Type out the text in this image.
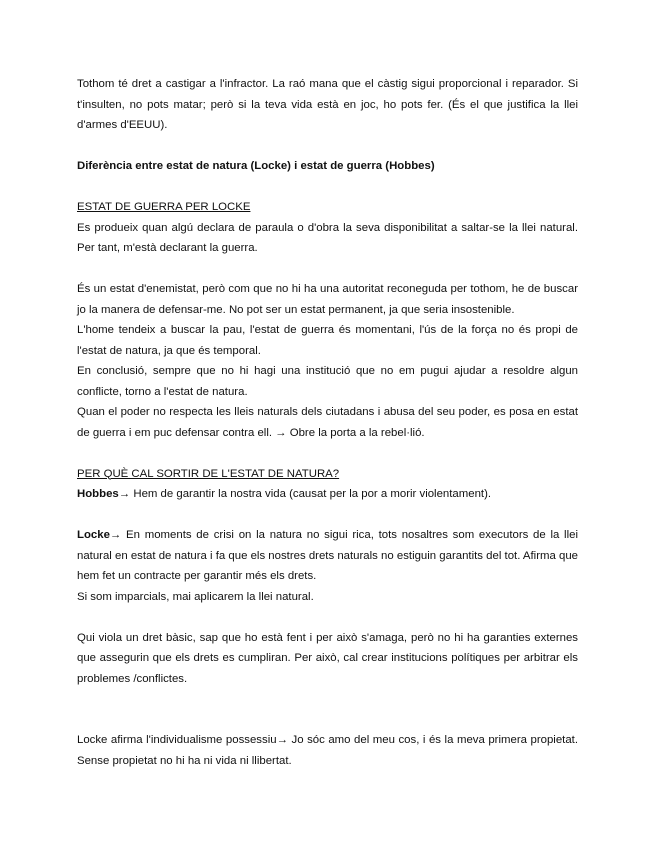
Tothom té dret a castigar a l'infractor. La raó mana que el càstig sigui proporcional i reparador. Si t'insulten, no pots matar; però si la teva vida està en joc, ho pots fer. (És el que justifica la llei d'armes d'EEUU).

Diferència entre estat de natura (Locke) i estat de guerra (Hobbes)

ESTAT DE GUERRA PER LOCKE

Es produeix quan algú declara de paraula o d'obra la seva disponibilitat a saltar-se la llei natural. Per tant, m'està declarant la guerra.

És un estat d'enemistat, però com que no hi ha una autoritat reconeguda per tothom, he de buscar jo la manera de defensar-me. No pot ser un estat permanent, ja que seria insostenible.

L'home tendeix a buscar la pau, l'estat de guerra és momentani, l'ús de la força no és propi de l'estat de natura, ja que és temporal.

En conclusió, sempre que no hi hagi una institució que no em pugui ajudar a resoldre algun conflicte, torno a l'estat de natura.

Quan el poder no respecta les lleis naturals dels ciutadans i abusa del seu poder, es posa en estat de guerra i em puc defensar contra ell. → Obre la porta a la rebel·lió.

PER QUÈ CAL SORTIR DE L'ESTAT DE NATURA?

Hobbes→ Hem de garantir la nostra vida (causat per la por a morir violentament).

Locke→ En moments de crisi on la natura no sigui rica, tots nosaltres som executors de la llei natural en estat de natura i fa que els nostres drets naturals no estiguin garantits del tot. Afirma que hem fet un contracte per garantir més els drets.

Si som imparcials, mai aplicarem la llei natural.

Qui viola un dret bàsic, sap que ho està fent i per això s'amaga, però no hi ha garanties externes que assegurin que els drets es cumpliran. Per això, cal crear institucions polítiques per arbitrar els problemes /conflictes.

Locke afirma l'individualisme possessiu→ Jo sóc amo del meu cos, i és la meva primera propietat. Sense propietat no hi ha ni vida ni llibertat.
